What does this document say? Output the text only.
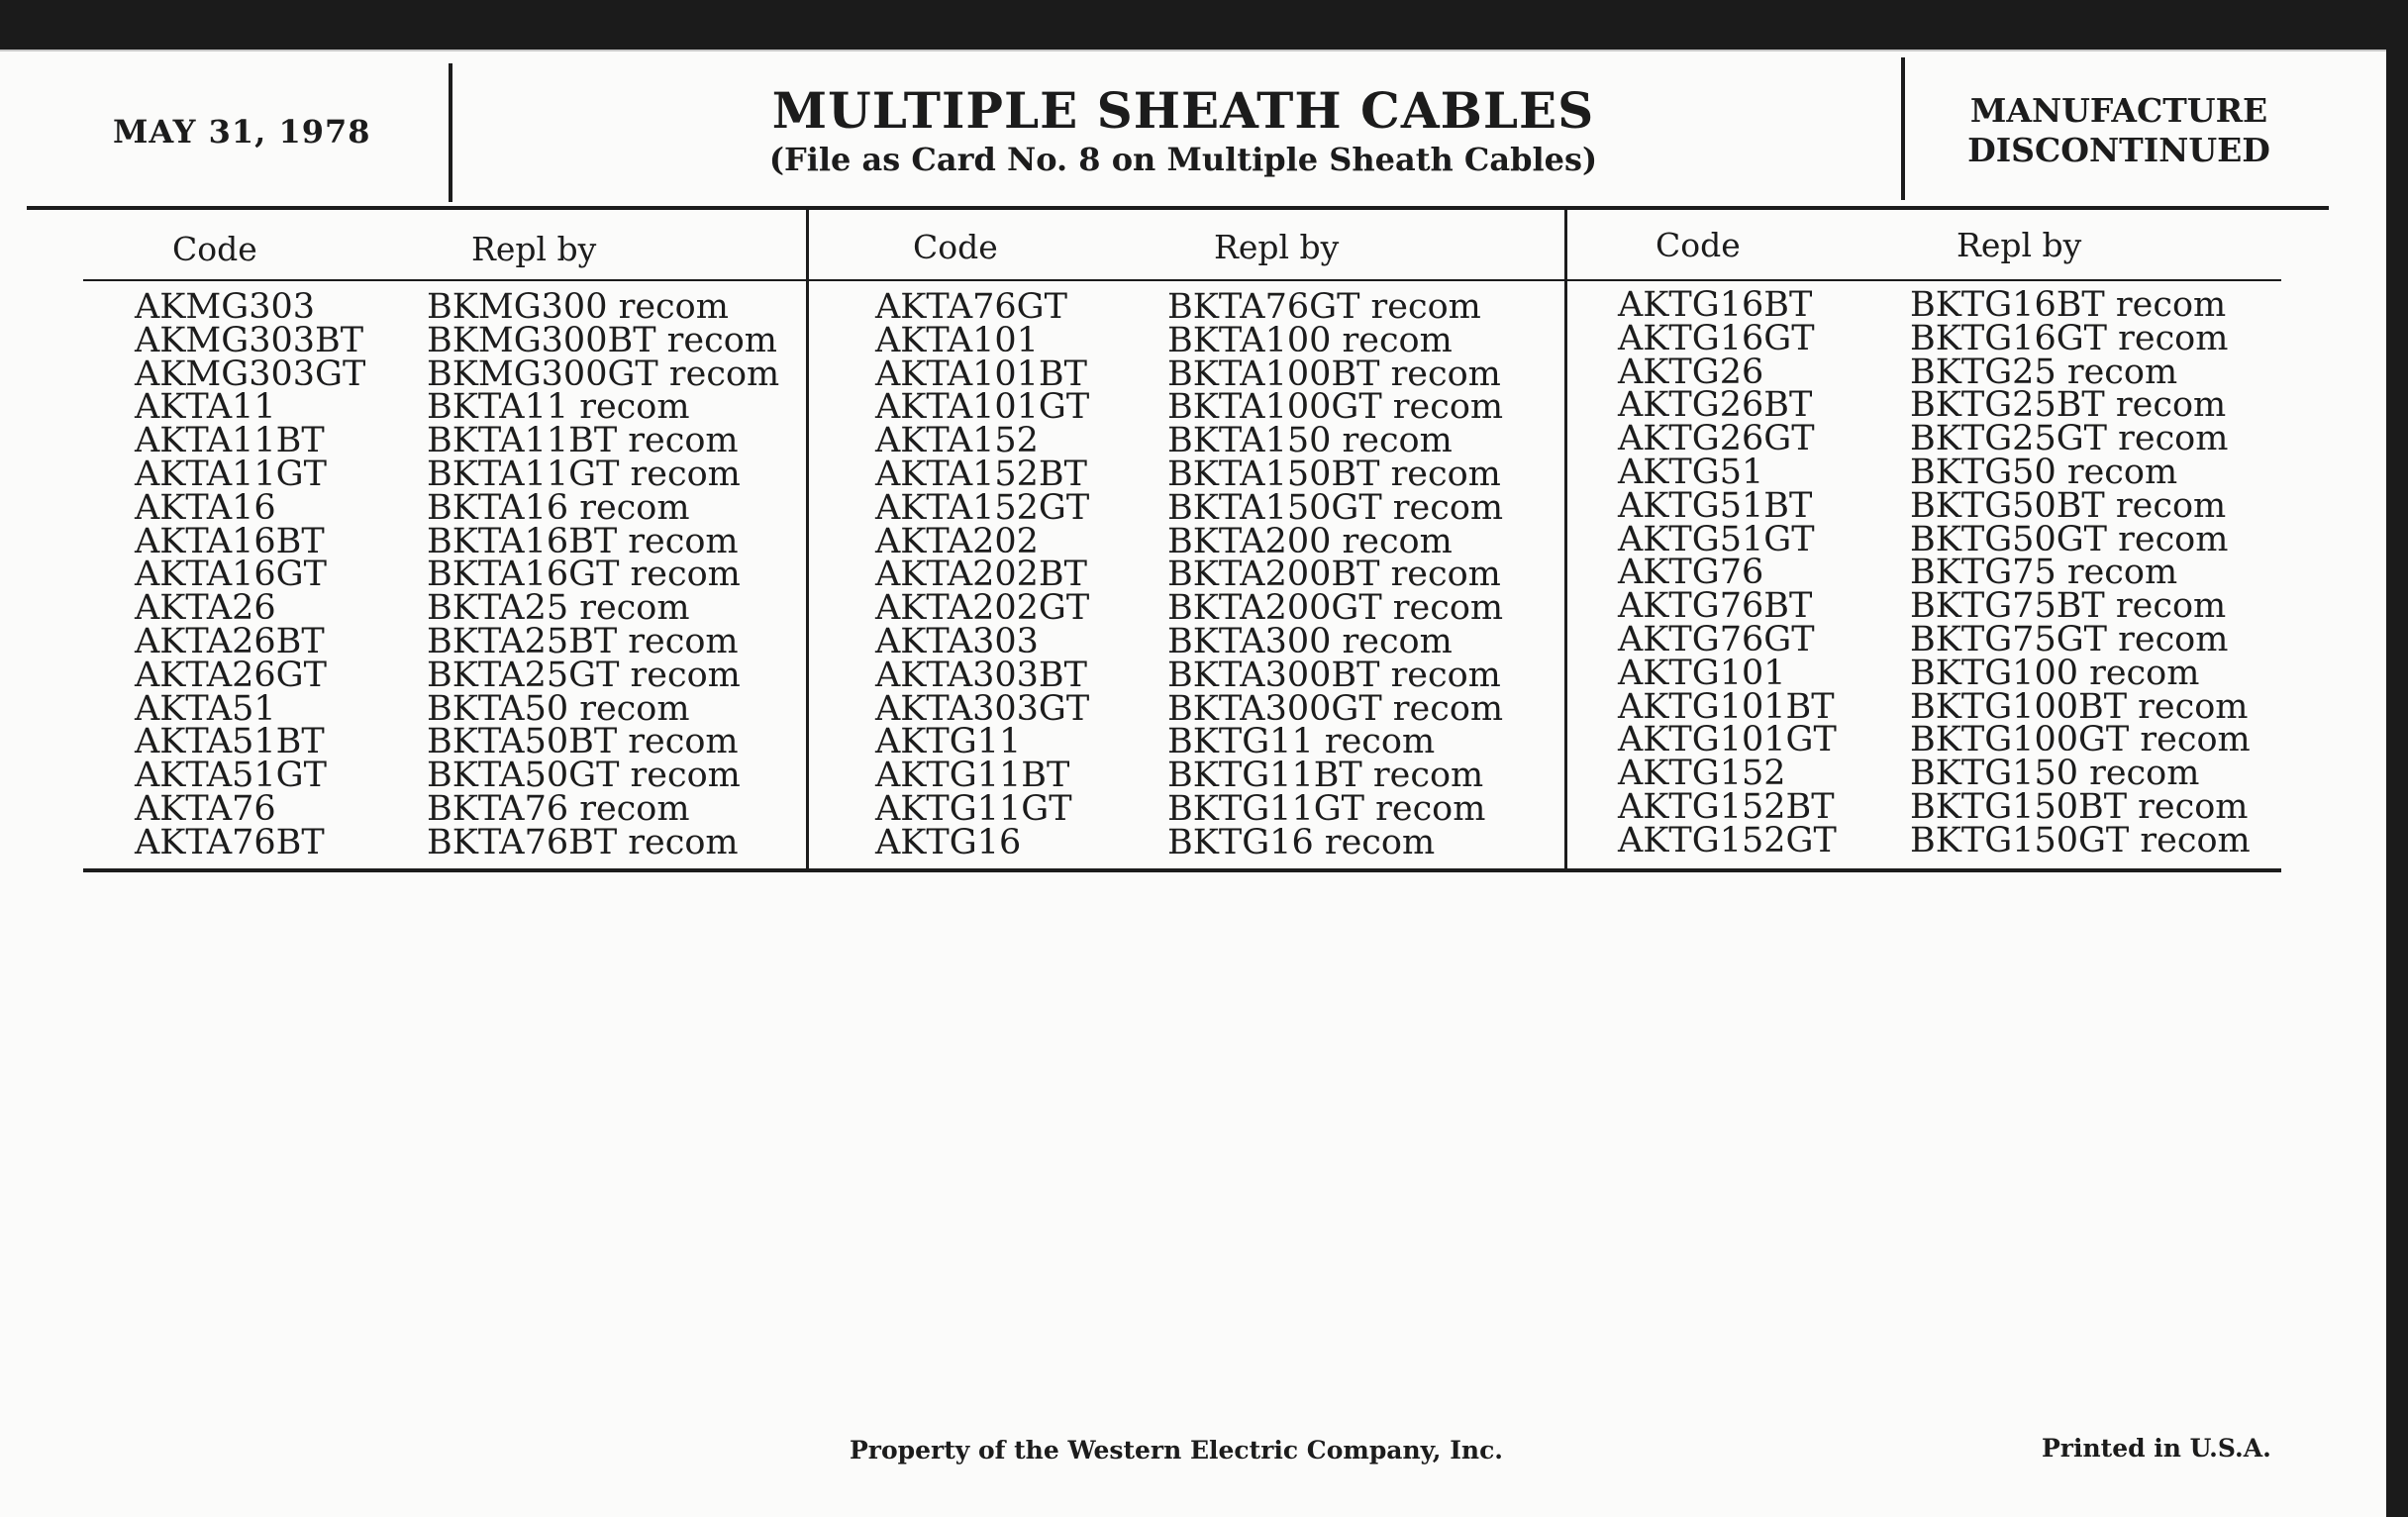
MAY 31, 1978	MULTIPLE SHEATH CABLES
(File as Card No. 8 on Multiple Sheath Cables)
MANUFACTURE
DISCONTINUED
Code	Repl by	Code	Repl by	Code	Repl by
AKMG303	BKMG300 recom
AKMG303BT	BKMG300BT recom
AKMG303GT	BKMG300GT recom
AKTA11	BKTA11 recom
AKTA11BT	BKTA11BT recom
AKTA11GT	BKTA11GT recom
AKTA16	BKTA16 recom
AKTA16BT	BKTA16BT recom
AKTA16GT	BKTA16GT recom
AKTA26	BKTA25 recom
AKTA26BT	BKTA25BT recom
AKTA26GT	BKTA25GT recom
AKTA51	BKTA50 recom
AKTA51BT	BKTA50BT recom
AKTA51GT	BKTA50GT recom
AKTA76	BKTA76 recom
AKTA76BT	BKTA76BT recom
AKTA76GT	BKTA76GT recom
AKTA101	BKTA100 recom
AKTA101BT	BKTA100BT recom
AKTA101GT	BKTA100GT recom
AKTA152	BKTA150 recom
AKTA152BT	BKTA150BT recom
AKTA152GT	BKTA150GT recom
AKTA202	BKTA200 recom
AKTA202BT	BKTA200BT recom
AKTA202GT	BKTA200GT recom
AKTA303	BKTA300 recom
AKTA303BT	BKTA300BT recom
AKTA303GT	BKTA300GT recom
AKTG11	BKTG11 recom
AKTG11BT	BKTG11BT recom
AKTG11GT	BKTG11GT recom
AKTG16	BKTG16 recom
AKTG16BT	BKTG16BT recom
AKTG16GT	BKTG16GT recom
AKTG26	BKTG25 recom
AKTG26BT	BKTG25BT recom
AKTG26GT	BKTG25GT recom
AKTG51	BKTG50 recom
AKTG51BT	BKTG50BT recom
AKTG51GT	BKTG50GT recom
AKTG76	BKTG75 recom
AKTG76BT	BKTG75BT recom
AKTG76GT	BKTG75GT recom
AKTG101	BKTG100 recom
AKTG101BT	BKTG100BT recom
AKTG101GT	BKTG100GT recom
AKTG152	BKTG150 recom
AKTG152BT	BKTG150BT recom
AKTG152GT	BKTG150GT recom
Property of the Western Electric Company, Inc.	Printed in U.S.A.
